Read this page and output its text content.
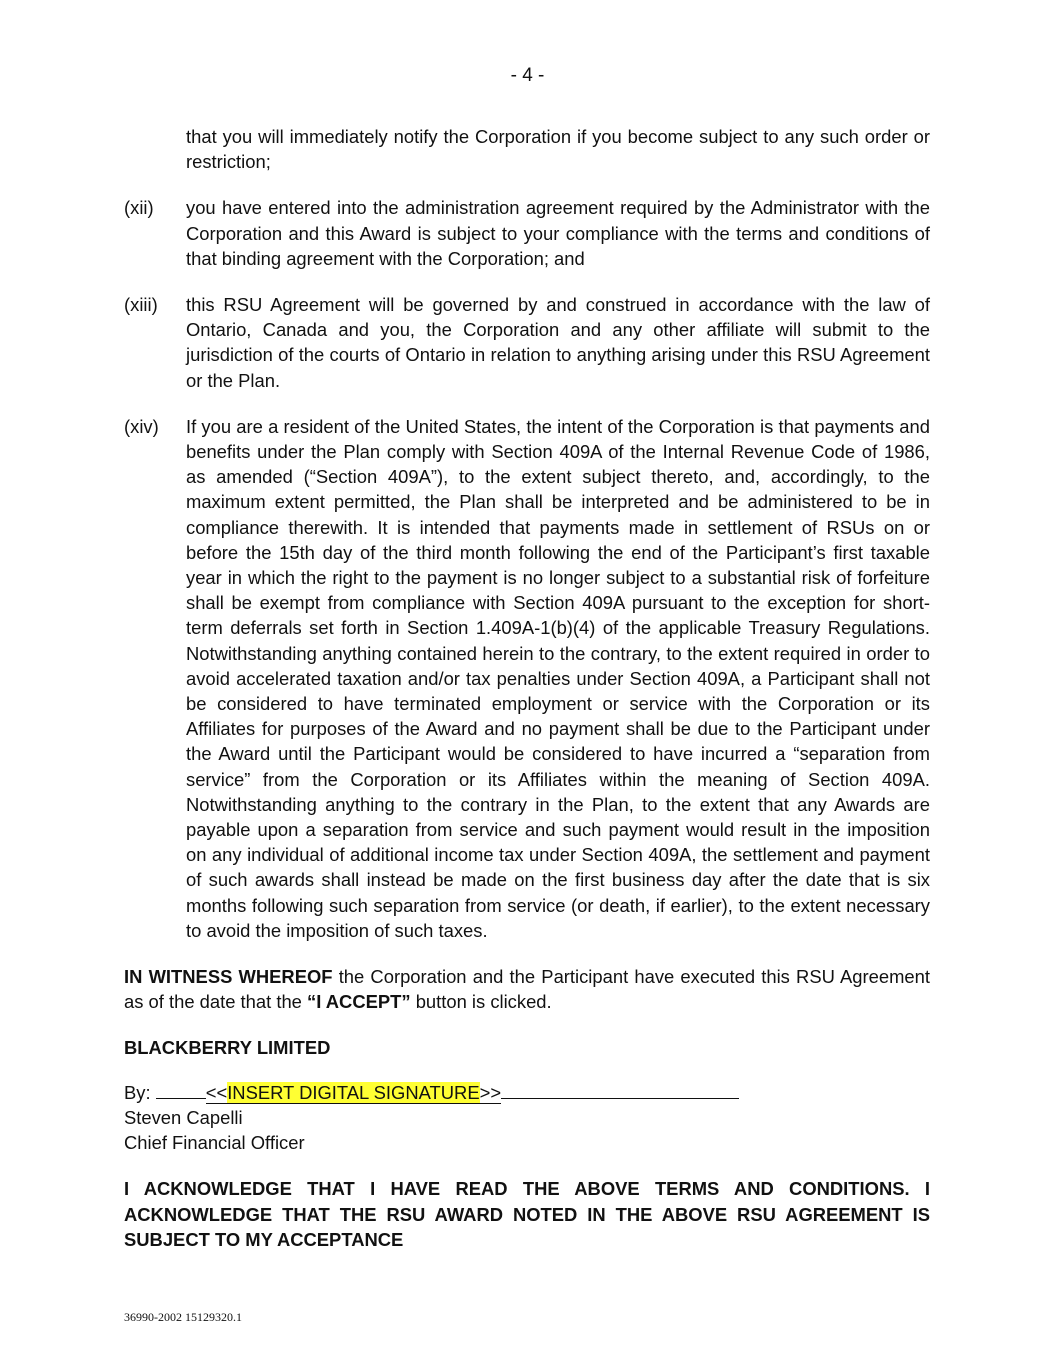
- 4 -

that you will immediately notify the Corporation if you become subject to any such order or restriction;

(xii)	you have entered into the administration agreement required by the Administrator with the Corporation and this Award is subject to your compliance with the terms and conditions of that binding agreement with the Corporation; and
(xiii)	this RSU Agreement will be governed by and construed in accordance with the law of Ontario, Canada and you, the Corporation and any other affiliate will submit to the jurisdiction of the courts of Ontario in relation to anything arising under this RSU Agreement or the Plan.
(xiv)	If you are a resident of the United States, the intent of the Corporation is that payments and benefits under the Plan comply with Section 409A of the Internal Revenue Code of 1986, as amended (“Section 409A”), to the extent subject thereto, and, accordingly, to the maximum extent permitted, the Plan shall be interpreted and be administered to be in compliance therewith. It is intended that payments made in settlement of RSUs on or before the 15th day of the third month following the end of the Participant’s first taxable year in which the right to the payment is no longer subject to a substantial risk of forfeiture shall be exempt from compliance with Section 409A pursuant to the exception for short-term deferrals set forth in Section 1.409A-1(b)(4) of the applicable Treasury Regulations. Notwithstanding anything contained herein to the contrary, to the extent required in order to avoid accelerated taxation and/or tax penalties under Section 409A, a Participant shall not be considered to have terminated employment or service with the Corporation or its Affiliates for purposes of the Award and no payment shall be due to the Participant under the Award until the Participant would be considered to have incurred a “separation from service” from the Corporation or its Affiliates within the meaning of Section 409A. Notwithstanding anything to the contrary in the Plan, to the extent that any Awards are payable upon a separation from service and such payment would result in the imposition on any individual of additional income tax under Section 409A, the settlement and payment of such awards shall instead be made on the first business day after the date that is six months following such separation from service (or death, if earlier), to the extent necessary to avoid the imposition of such taxes.

IN WITNESS WHEREOF the Corporation and the Participant have executed this RSU Agreement as of the date that the “I ACCEPT” button is clicked.

BLACKBERRY LIMITED
By:	<<INSERT DIGITAL SIGNATURE>>
Steven Capelli
Chief Financial Officer

I ACKNOWLEDGE THAT I HAVE READ THE ABOVE TERMS AND CONDITIONS. I ACKNOWLEDGE THAT THE RSU AWARD NOTED IN THE ABOVE RSU AGREEMENT IS SUBJECT TO MY ACCEPTANCE

36990-2002 15129320.1
